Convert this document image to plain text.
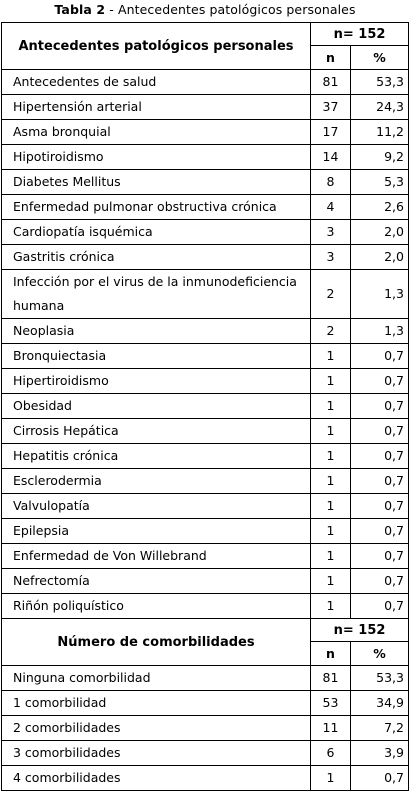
Tabla 2 - Antecedentes patológicos personales
Antecedentes patológicos personales	n= 152	
	n	%
Antecedentes de salud	81	53,3
Hipertensión arterial	37	24,3
Asma bronquial	17	11,2
Hipotiroidismo	14	9,2
Diabetes Mellitus	8	5,3
Enfermedad pulmonar obstructiva crónica	4	2,6
Cardiopatía isquémica	3	2,0
Gastritis crónica	3	2,0
Infección por el virus de la inmunodeficiencia humana	2	1,3
Neoplasia	2	1,3
Bronquiectasia	1	0,7
Hipertiroidismo	1	0,7
Obesidad	1	0,7
Cirrosis Hepática	1	0,7
Hepatitis crónica	1	0,7
Esclerodermia	1	0,7
Valvulopatía	1	0,7
Epilepsia	1	0,7
Enfermedad de Von Willebrand	1	0,7
Nefrectomía	1	0,7
Riñón poliquístico	1	0,7
Número de comorbilidades	n= 152	
	n	%
Ninguna comorbilidad	81	53,3
1 comorbilidad	53	34,9
2 comorbilidades	11	7,2
3 comorbilidades	6	3,9
4 comorbilidades	1	0,7
